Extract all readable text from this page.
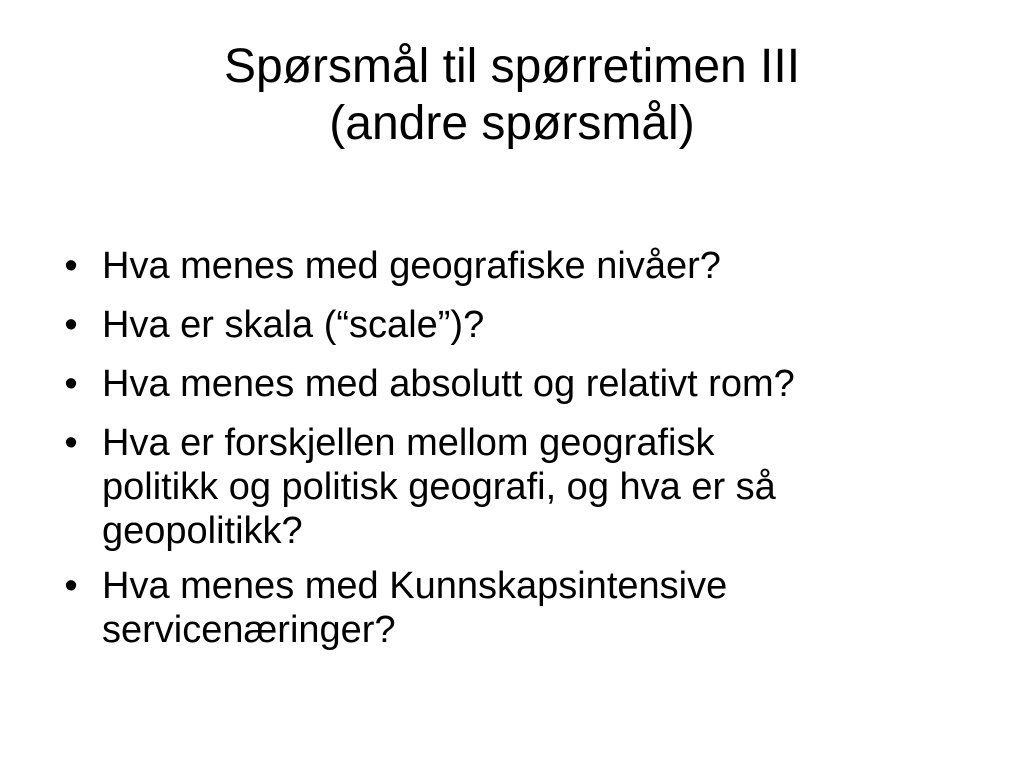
Spørsmål til spørretimen III
(andre spørsmål)
• Hva menes med geografiske nivåer?
• Hva er skala (“scale”)?
• Hva menes med absolutt og relativt rom?
• Hva er forskjellen mellom geografisk
politikk og politisk geografi, og hva er så
geopolitikk?
• Hva menes med Kunnskapsintensive
servicenæringer?
